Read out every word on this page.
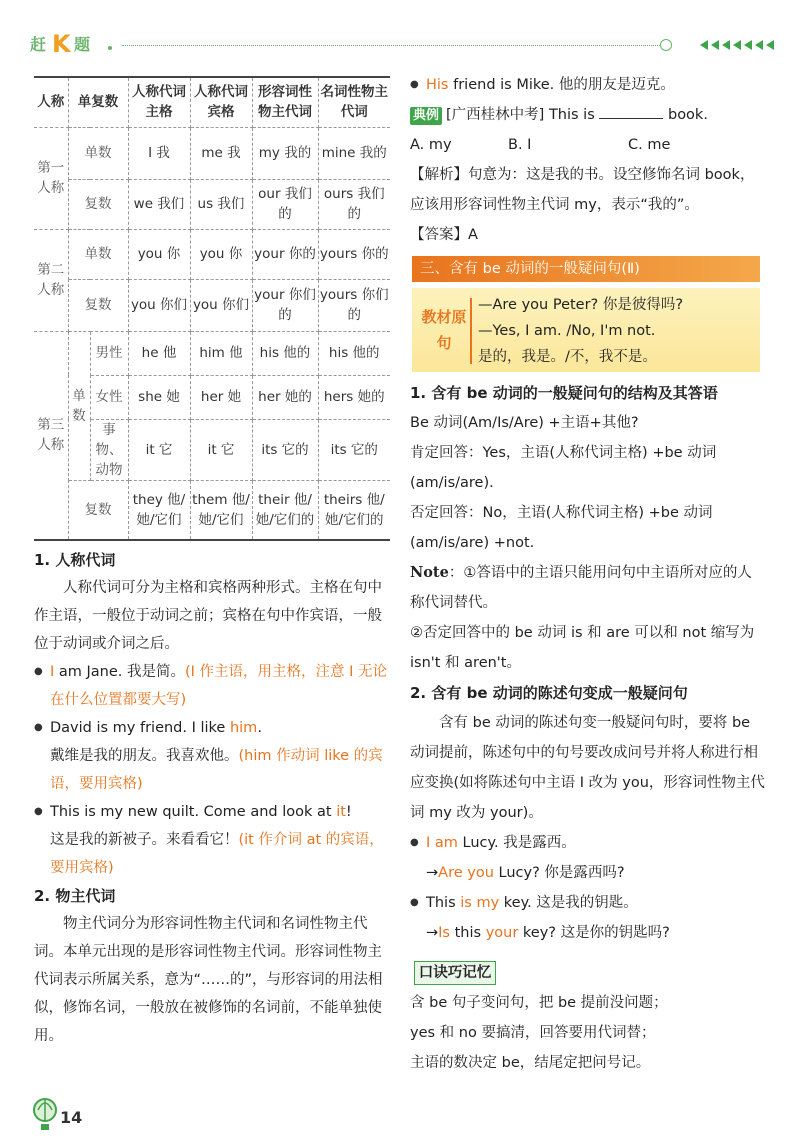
赶 K 题
人称	单复数		人称代词主格	人称代词宾格	形容词性物主代词	名词性物主代词
第一人称	单数		I 我	me 我	my 我的	mine 我的
	复数		we 我们	us 我们	our 我们的	ours 我们的
第二人称	单数		you 你	you 你	your 你的	yours 你的
	复数		you 你们	you 你们	your 你们的	yours 你们的
第三人称	单数	男性	he 他	him 他	his 他的	his 他的
		女性	she 她	her 她	her 她的	hers 她的
		事物、动物	it 它	it 它	its 它的	its 它的
	复数		they 他/她/它们	them 他/她/它们	their 他/她/它们的	theirs 他/她/它们的

1. 人称代词

人称代词可分为主格和宾格两种形式。主格在句中作主语，一般位于动词之前；宾格在句中作宾语，一般位于动词或介词之后。

● I am Jane. 我是简。(I 作主语，用主格，注意 I 无论在什么位置都要大写)

● David is my friend. I like him.
戴维是我的朋友。我喜欢他。(him 作动词 like 的宾语，要用宾格)

● This is my new quilt. Come and look at it!
这是我的新被子。来看看它！(it 作介词 at 的宾语，要用宾格)

2. 物主代词

物主代词分为形容词性物主代词和名词性物主代词。本单元出现的是形容词性物主代词。形容词性物主代词表示所属关系，意为“……的”，与形容词的用法相似，修饰名词，一般放在被修饰的名词前，不能单独使用。

● His friend is Mike. 他的朋友是迈克。

典例 [广西桂林中考] This is	book.

A. my	B. I	C. me

【解析】句意为：这是我的书。设空修饰名词 book，应该用形容词性物主代词 my，表示“我的”。

【答案】A

三、含有 be 动词的一般疑问句(Ⅱ)
教材原句

—Are you Peter? 你是彼得吗?

—Yes, I am. /No, I'm not.

是的，我是。/不，我不是。

1. 含有 be 动词的一般疑问句的结构及其答语

Be 动词(Am/Is/Are) +主语+其他?

肯定回答：Yes，主语(人称代词主格) +be 动词(am/is/are).

否定回答：No，主语(人称代词主格) +be 动词(am/is/are) +not.

Note：①答语中的主语只能用问句中主语所对应的人称代词替代。

②否定回答中的 be 动词 is 和 are 可以和 not 缩写为 isn't 和 aren't。

2. 含有 be 动词的陈述句变成一般疑问句

含有 be 动词的陈述句变一般疑问句时，要将 be 动词提前，陈述句中的句号要改成问号并将人称进行相应变换(如将陈述句中主语 I 改为 you，形容词性物主代词 my 改为 your)。

● I am Lucy. 我是露西。

→Are you Lucy? 你是露西吗?

● This is my key. 这是我的钥匙。

→Is this your key? 这是你的钥匙吗?

口诀巧记忆

含 be 句子变问句，把 be 提前没问题；

yes 和 no 要搞清，回答要用代词替；

主语的数决定 be，结尾定把问号记。

14
